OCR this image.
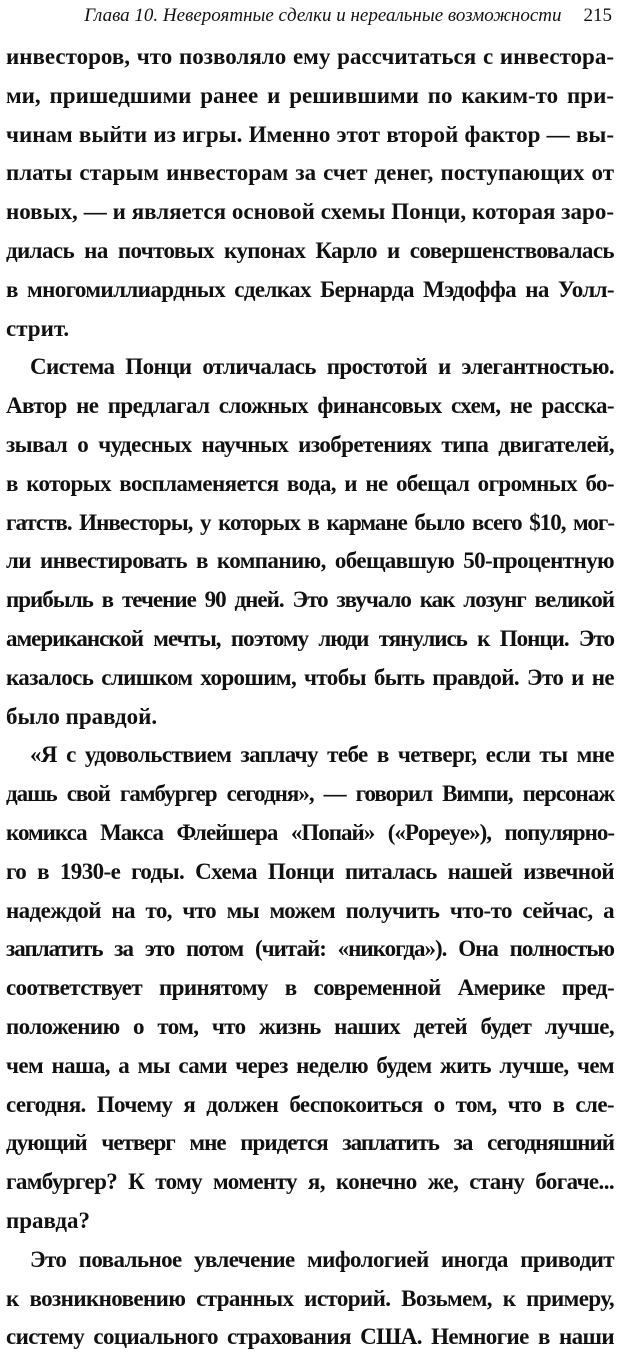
Глава 10. Невероятные сделки и нереальные возможности 215

инвесторов, что позволяло ему рассчитаться с инвестора-
ми, пришедшими ранее и решившими по каким-то при-
чинам выйти из игры. Именно этот второй фактор — вы-
платы старым инвесторам за счет денег, поступающих от
новых, — и является основой схемы Понци, которая заро-
дилась на почтовых купонах Карло и совершенствовалась
в многомиллиардных сделках Бернарда Мэдоффа на Уолл-
стрит.

Система Понци отличалась простотой и элегантностью.
Автор не предлагал сложных финансовых схем, не расска-
зывал о чудесных научных изобретениях типа двигателей,
в которых воспламеняется вода, и не обещал огромных бо-
гатств. Инвесторы, у которых в кармане было всего $10, мог-
ли инвестировать в компанию, обещавшую 50-процентную
прибыль в течение 90 дней. Это звучало как лозунг великой
американской мечты, поэтому люди тянулись к Понци. Это
казалось слишком хорошим, чтобы быть правдой. Это и не
было правдой.

«Я с удовольствием заплачу тебе в четверг, если ты мне
дашь свой гамбургер сегодня», — говорил Вимпи, персонаж
комикса Макса Флейшера «Попай» («Popeye»), популярно-
го в 1930-е годы. Схема Понци питалась нашей извечной
надеждой на то, что мы можем получить что-то сейчас, а
заплатить за это потом (читай: «никогда»). Она полностью
соответствует принятому в современной Америке пред-
положению о том, что жизнь наших детей будет лучше,
чем наша, а мы сами через неделю будем жить лучше, чем
сегодня. Почему я должен беспокоиться о том, что в сле-
дующий четверг мне придется заплатить за сегодняшний
гамбургер? К тому моменту я, конечно же, стану богаче...
правда?

Это повальное увлечение мифологией иногда приводит
к возникновению странных историй. Возьмем, к примеру,
систему социального страхования США. Немногие в наши
